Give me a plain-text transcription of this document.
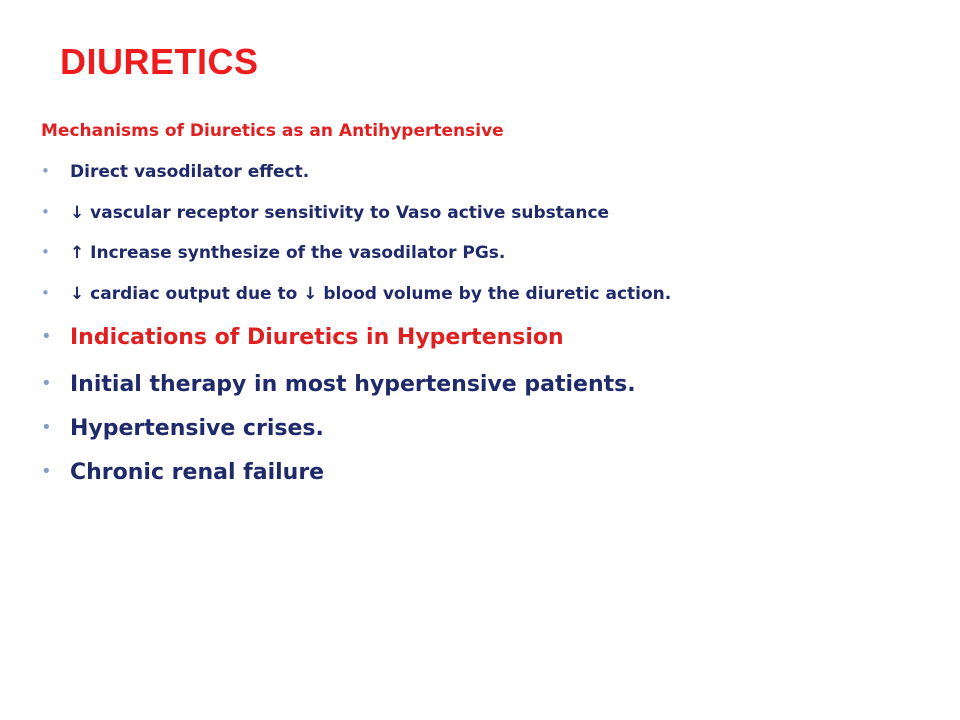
DIURETICS

Mechanisms of Diuretics as an Antihypertensive

• Direct vasodilator effect.

• ↓ vascular receptor sensitivity to Vaso active substance

• ↑ Increase synthesize of the vasodilator PGs.

• ↓ cardiac output due to ↓ blood volume by the diuretic action.

• Indications of Diuretics in Hypertension

• Initial therapy in most hypertensive patients.

• Hypertensive crises.

• Chronic renal failure
